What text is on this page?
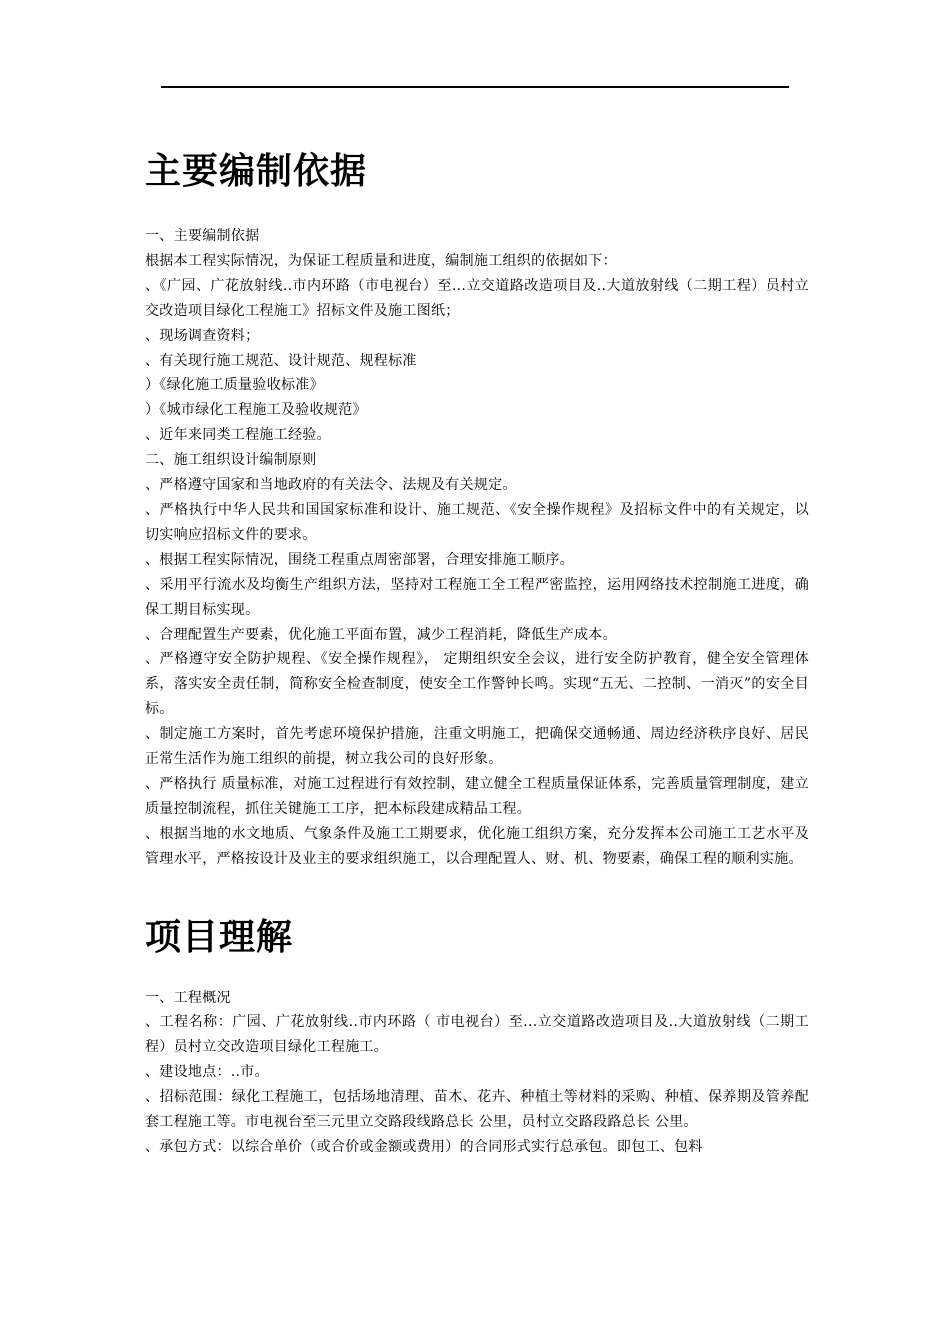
主要编制依据

一、主要编制依据

根据本工程实际情况，为保证工程质量和进度，编制施工组织的依据如下：

、《广园、广花放射线..市内环路（市电视台）至...立交道路改造项目及..大道放射线（二期工程）员村立交改造项目绿化工程施工》招标文件及施工图纸；

、现场调查资料；

、有关现行施工规范、设计规范、规程标准

）《绿化施工质量验收标准》

）《城市绿化工程施工及验收规范》

、近年来同类工程施工经验。

二、施工组织设计编制原则

、严格遵守国家和当地政府的有关法令、法规及有关规定。

、严格执行中华人民共和国国家标准和设计、施工规范、《安全操作规程》及招标文件中的有关规定，以切实响应招标文件的要求。

、根据工程实际情况，围绕工程重点周密部署，合理安排施工顺序。

、采用平行流水及均衡生产组织方法，坚持对工程施工全工程严密监控，运用网络技术控制施工进度，确保工期目标实现。

、合理配置生产要素，优化施工平面布置，减少工程消耗，降低生产成本。

、严格遵守安全防护规程、《安全操作规程》， 定期组织安全会议，进行安全防护教育，健全安全管理体系，落实安全责任制，简称安全检查制度，使安全工作警钟长鸣。实现“五无、二控制、一消灭”的安全目标。

、制定施工方案时，首先考虑环境保护措施，注重文明施工，把确保交通畅通、周边经济秩序良好、居民正常生活作为施工组织的前提，树立我公司的良好形象。

、严格执行 质量标准，对施工过程进行有效控制，建立健全工程质量保证体系，完善质量管理制度，建立质量控制流程，抓住关键施工工序，把本标段建成精品工程。

、根据当地的水文地质、气象条件及施工工期要求，优化施工组织方案，充分发挥本公司施工工艺水平及管理水平，严格按设计及业主的要求组织施工，以合理配置人、财、机、物要素，确保工程的顺利实施。

项目理解

一、工程概况

、工程名称：广园、广花放射线..市内环路（ 市电视台）至...立交道路改造项目及..大道放射线（二期工程）员村立交改造项目绿化工程施工。

、建设地点：..市。

、招标范围：绿化工程施工，包括场地清理、苗木、花卉、种植土等材料的采购、种植、保养期及管养配套工程施工等。市电视台至三元里立交路段线路总长 公里，员村立交路段路总长 公里。

、承包方式：以综合单价（或合价或金额或费用）的合同形式实行总承包。即包工、包料
